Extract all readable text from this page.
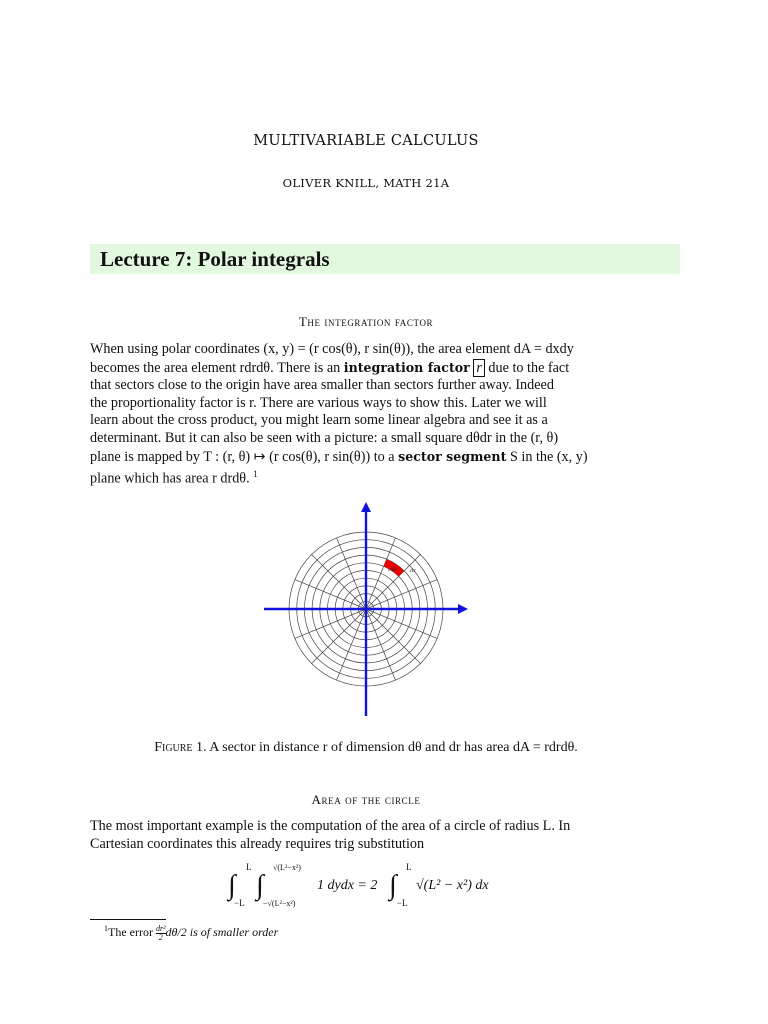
MULTIVARIABLE CALCULUS
OLIVER KNILL, MATH 21A
Lecture 7: Polar integrals
The integration factor
When using polar coordinates (x, y) = (r cos(θ), r sin(θ)), the area element dA = dxdy
becomes the area element rdrdθ. There is an integration factor r due to the fact
that sectors close to the origin have area smaller than sectors further away. Indeed
the proportionality factor is r. There are various ways to show this. Later we will
learn about the cross product, you might learn some linear algebra and see it as a
determinant. But it can also be seen with a picture: a small square dθdr in the (r, θ)
plane is mapped by T : (r, θ) ↦ (r cos(θ), r sin(θ)) to a sector segment S in the (x, y)
plane which has area r drdθ. $^1$
rdθ	dr
Figure 1. A sector in distance r of dimension dθ and dr has area dA = rdrdθ.
Area of the circle
The most important example is the computation of the area of a circle of radius L. In
Cartesian coordinates this already requires trig substitution
∫
L
−L
∫
√(L²−x²)
−√(L²−x²)
1 dydx = 2 ∫
L
−L
√(L² − x²) dx
$^1$The error $\frac{\text{dr²}}{2} d\theta/2$ is of smaller order
